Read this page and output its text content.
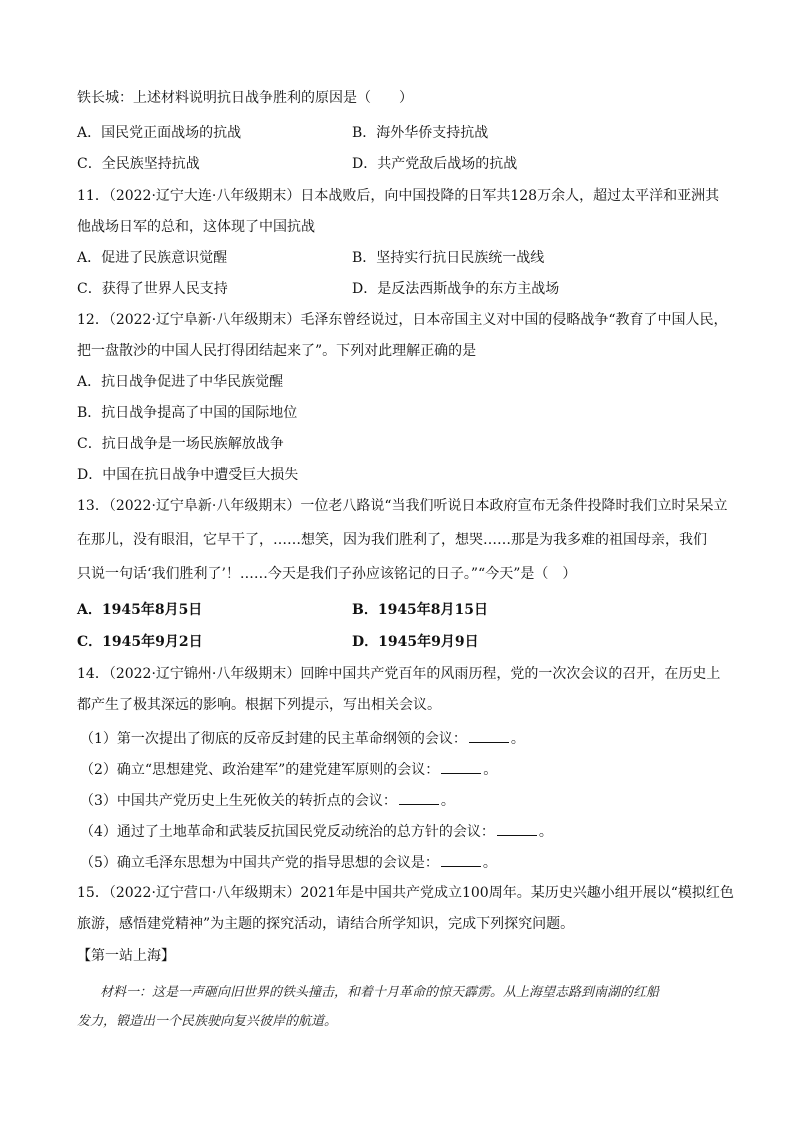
铁长城：上述材料说明抗日战争胜利的原因是（　　）
A．国民党正面战场的抗战	B．海外华侨支持抗战
C．全民族坚持抗战	D．共产党敌后战场的抗战
11．（2022·辽宁大连·八年级期末）日本战败后，向中国投降的日军共128万余人，超过太平洋和亚洲其
他战场日军的总和，这体现了中国抗战
A．促进了民族意识觉醒	B．坚持实行抗日民族统一战线
C．获得了世界人民支持	D．是反法西斯战争的东方主战场
12．（2022·辽宁阜新·八年级期末）毛泽东曾经说过，日本帝国主义对中国的侵略战争“教育了中国人民，
把一盘散沙的中国人民打得团结起来了”。下列对此理解正确的是
A．抗日战争促进了中华民族觉醒
B．抗日战争提高了中国的国际地位
C．抗日战争是一场民族解放战争
D．中国在抗日战争中遭受巨大损失
13．（2022·辽宁阜新·八年级期末）一位老八路说“当我们听说日本政府宣布无条件投降时我们立时呆呆立
在那儿，没有眼泪，它早干了，……想笑，因为我们胜利了，想哭……那是为我多难的祖国母亲，我们
只说一句话‘我们胜利了’！……今天是我们子孙应该铭记的日子。”“今天”是（　）
A．1945年8月5日	B．1945年8月15日
C．1945年9月2日	D．1945年9月9日
14．（2022·辽宁锦州·八年级期末）回眸中国共产党百年的风雨历程，党的一次次会议的召开，在历史上
都产生了极其深远的影响。根据下列提示，写出相关会议。
（1）第一次提出了彻底的反帝反封建的民主革命纲领的会议：	。
（2）确立“思想建党、政治建军”的建党建军原则的会议：	。
（3）中国共产党历史上生死攸关的转折点的会议：	。
（4）通过了土地革命和武装反抗国民党反动统治的总方针的会议：	。
（5）确立毛泽东思想为中国共产党的指导思想的会议是：	。
15．（2022·辽宁营口·八年级期末）2021年是中国共产党成立100周年。某历史兴趣小组开展以“模拟红色
旅游，感悟建党精神”为主题的探究活动，请结合所学知识，完成下列探究问题。
【第一站上海】
材料一：这是一声砸向旧世界的铁头撞击，和着十月革命的惊天霹雳。从上海望志路到南湖的红船
发力，锻造出一个民族驶向复兴彼岸的航道。
